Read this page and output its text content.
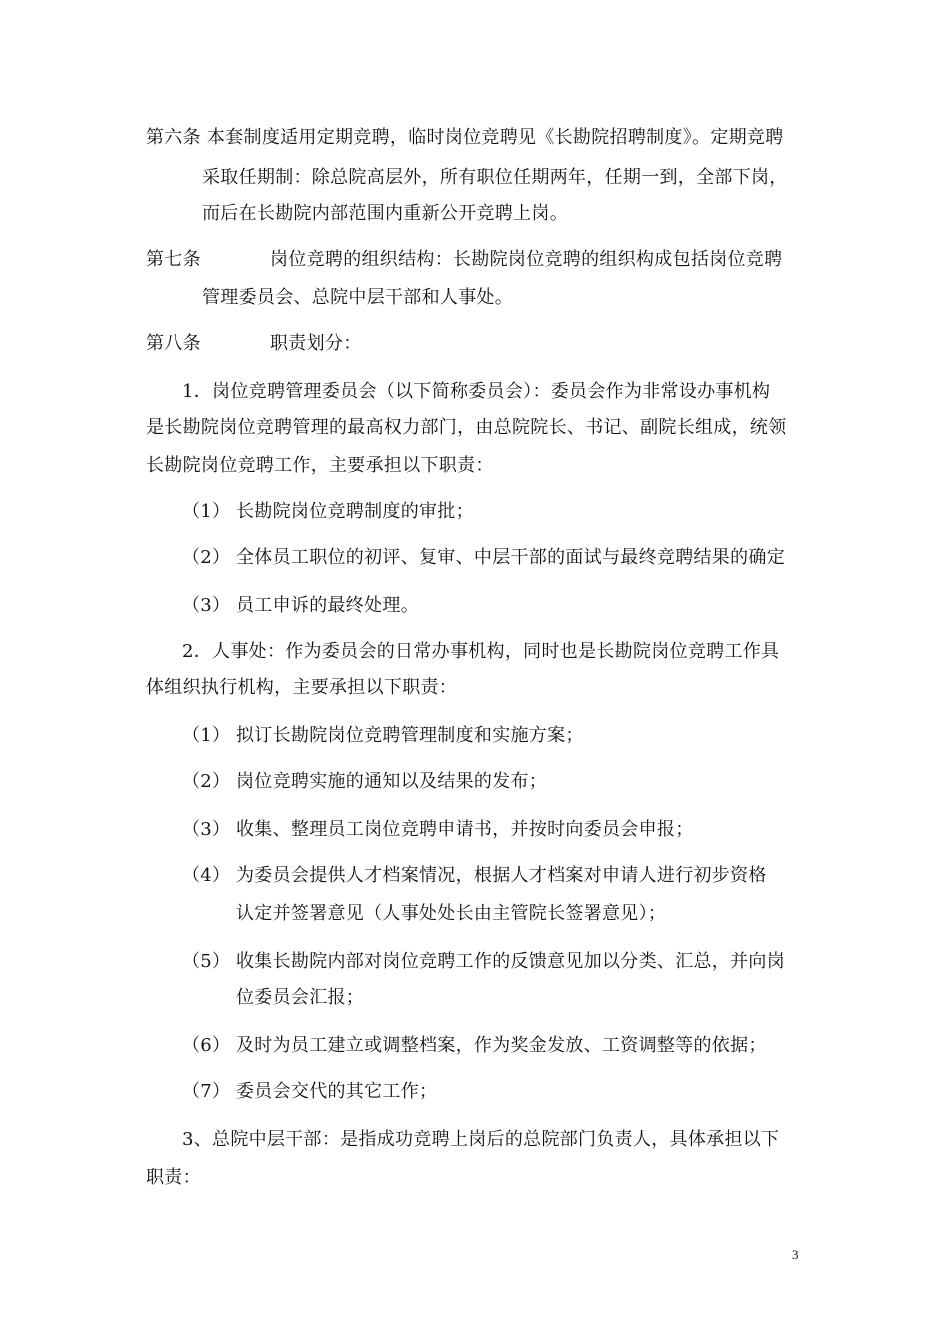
第六条 本套制度适用定期竞聘，临时岗位竞聘见《长勘院招聘制度》。定期竞聘
采取任期制：除总院高层外，所有职位任期两年，任期一到，全部下岗，
而后在长勘院内部范围内重新公开竞聘上岗。
第七条	岗位竞聘的组织结构：长勘院岗位竞聘的组织构成包括岗位竞聘
管理委员会、总院中层干部和人事处。
第八条	职责划分：
1．岗位竞聘管理委员会（以下简称委员会）：委员会作为非常设办事机构
是长勘院岗位竞聘管理的最高权力部门，由总院院长、书记、副院长组成，统领
长勘院岗位竞聘工作，主要承担以下职责：
（1） 长勘院岗位竞聘制度的审批；
（2） 全体员工职位的初评、复审、中层干部的面试与最终竞聘结果的确定
（3） 员工申诉的最终处理。
2．人事处：作为委员会的日常办事机构，同时也是长勘院岗位竞聘工作具
体组织执行机构，主要承担以下职责：
（1） 拟订长勘院岗位竞聘管理制度和实施方案；
（2） 岗位竞聘实施的通知以及结果的发布；
（3） 收集、整理员工岗位竞聘申请书，并按时向委员会申报；
（4） 为委员会提供人才档案情况，根据人才档案对申请人进行初步资格
认定并签署意见（人事处处长由主管院长签署意见）；
（5） 收集长勘院内部对岗位竞聘工作的反馈意见加以分类、汇总，并向岗
位委员会汇报；
（6） 及时为员工建立或调整档案，作为奖金发放、工资调整等的依据；
（7） 委员会交代的其它工作；
3、总院中层干部：是指成功竞聘上岗后的总院部门负责人，具体承担以下
职责：
3
